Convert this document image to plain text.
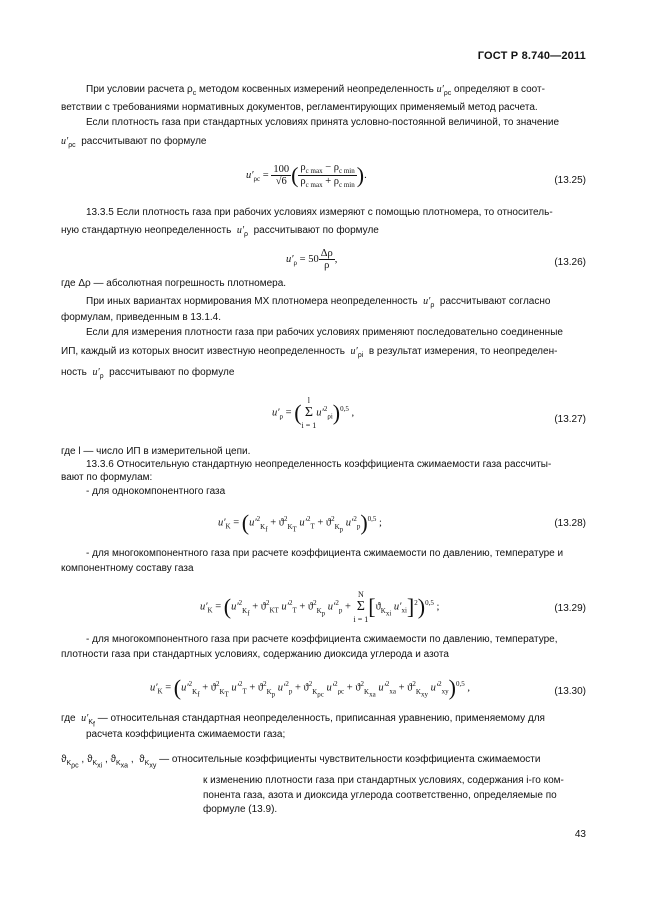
ГОСТ Р 8.740—2011
При условии расчета $\rho_c$ методом косвенных измерений неопределенность $u'_{\rho c}$ определяют в соот-
ветствии с требованиями нормативных документов, регламентирующих применяемый метод расчета.
Если плотность газа при стандартных условиях принята условно-постоянной величиной, то значение
$u'_{\rho c}$ рассчитывают по формуле
$u'_{\rho c} = \frac{100}{√6}$ ( $\frac{\rho_{c max} - \rho_{c min}}{\rho_{c max} + \rho_{c min}}$ ).	(13.25)
13.3.5 Если плотность газа при рабочих условиях измеряют с помощью плотномера, то относитель-
ную стандартную неопределенность $u'_\rho$ рассчитывают по формуле
$u'_\rho = 50 \frac{\Delta\rho}{\rho}$ ,	(13.26)
где Δρ — абсолютная погрешность плотномера.
При иных вариантах нормирования МХ плотномера неопределенность $u'_\rho$ рассчитывают согласно
формулам, приведенным в 13.1.4.
Если для измерения плотности газа при рабочих условиях применяют последовательно соединенные
ИП, каждый из которых вносит известную неопределенность $u'_{\rho i}$ в результат измерения, то неопределен-
ность $u'_\rho$ рассчитывают по формуле
$u'_\rho$ = ( l
Σ
i = 1
$u'^2_{\rho i})^{0,5}$ ,
(13.27)
где l — число ИП в измерительной цепи.
13.3.6 Относительную стандартную неопределенность коэффициента сжимаемости газа рассчиты-
вают по формулам:
- для однокомпонентного газа
$u'_K = (u'^2_{K_f} + ϑ^2_{K_T}$ $u'^2_T + ϑ^2_{K_p}$ $u'^2_p)^{0,5}$ ;	(13.28)
- для многокомпонентного газа при расчете коэффициента сжимаемости по давлению, температуре и
компонентному составу газа
$u'_K = (u'^2_{K_f} + ϑ^2_{KT}$ $u'^2_T + ϑ^2_{K_p}$ $u'^2_p$ +
N
Σ
i = 1
[$ϑ_{K_{xi}}$ $u'_{xi}]^2)^{0,5}$ ;	(13.29)
- для многокомпонентного газа при расчете коэффициента сжимаемости по давлению, температуре,
плотности газа при стандартных условиях, содержанию диоксида углерода и азота
$u'_K = (u'^2_{K_f} + ϑ^2_{K_T}$ $u'^2_T + ϑ^2_{K_p}$ $u'^2_p + ϑ^2_{K_{\rho c}}$ $u'^2_{\rho c} + ϑ^2_{K_{xa}}$ $u'^2_{xa} + ϑ^2_{K_{xy}}$ $u'^2_{xy})^{0,5}$ ,	(13.30)
где $u'_{K_f}$ — относительная стандартная неопределенность, приписанная уравнению, применяемому для
расчета коэффициента сжимаемости газа;
$ϑ_{K_{\rho c}}$ , $ϑ_{K_{xi}}$ , $ϑ_{K_{xa}}$ ,  $ϑ_{K_{xy}}$ — относительные коэффициенты чувствительности коэффициента сжимаемости
к изменению плотности газа при стандартных условиях, содержания i-го ком-
понента газа, азота и диоксида углерода соответственно, определяемые по
формуле (13.9).
43
